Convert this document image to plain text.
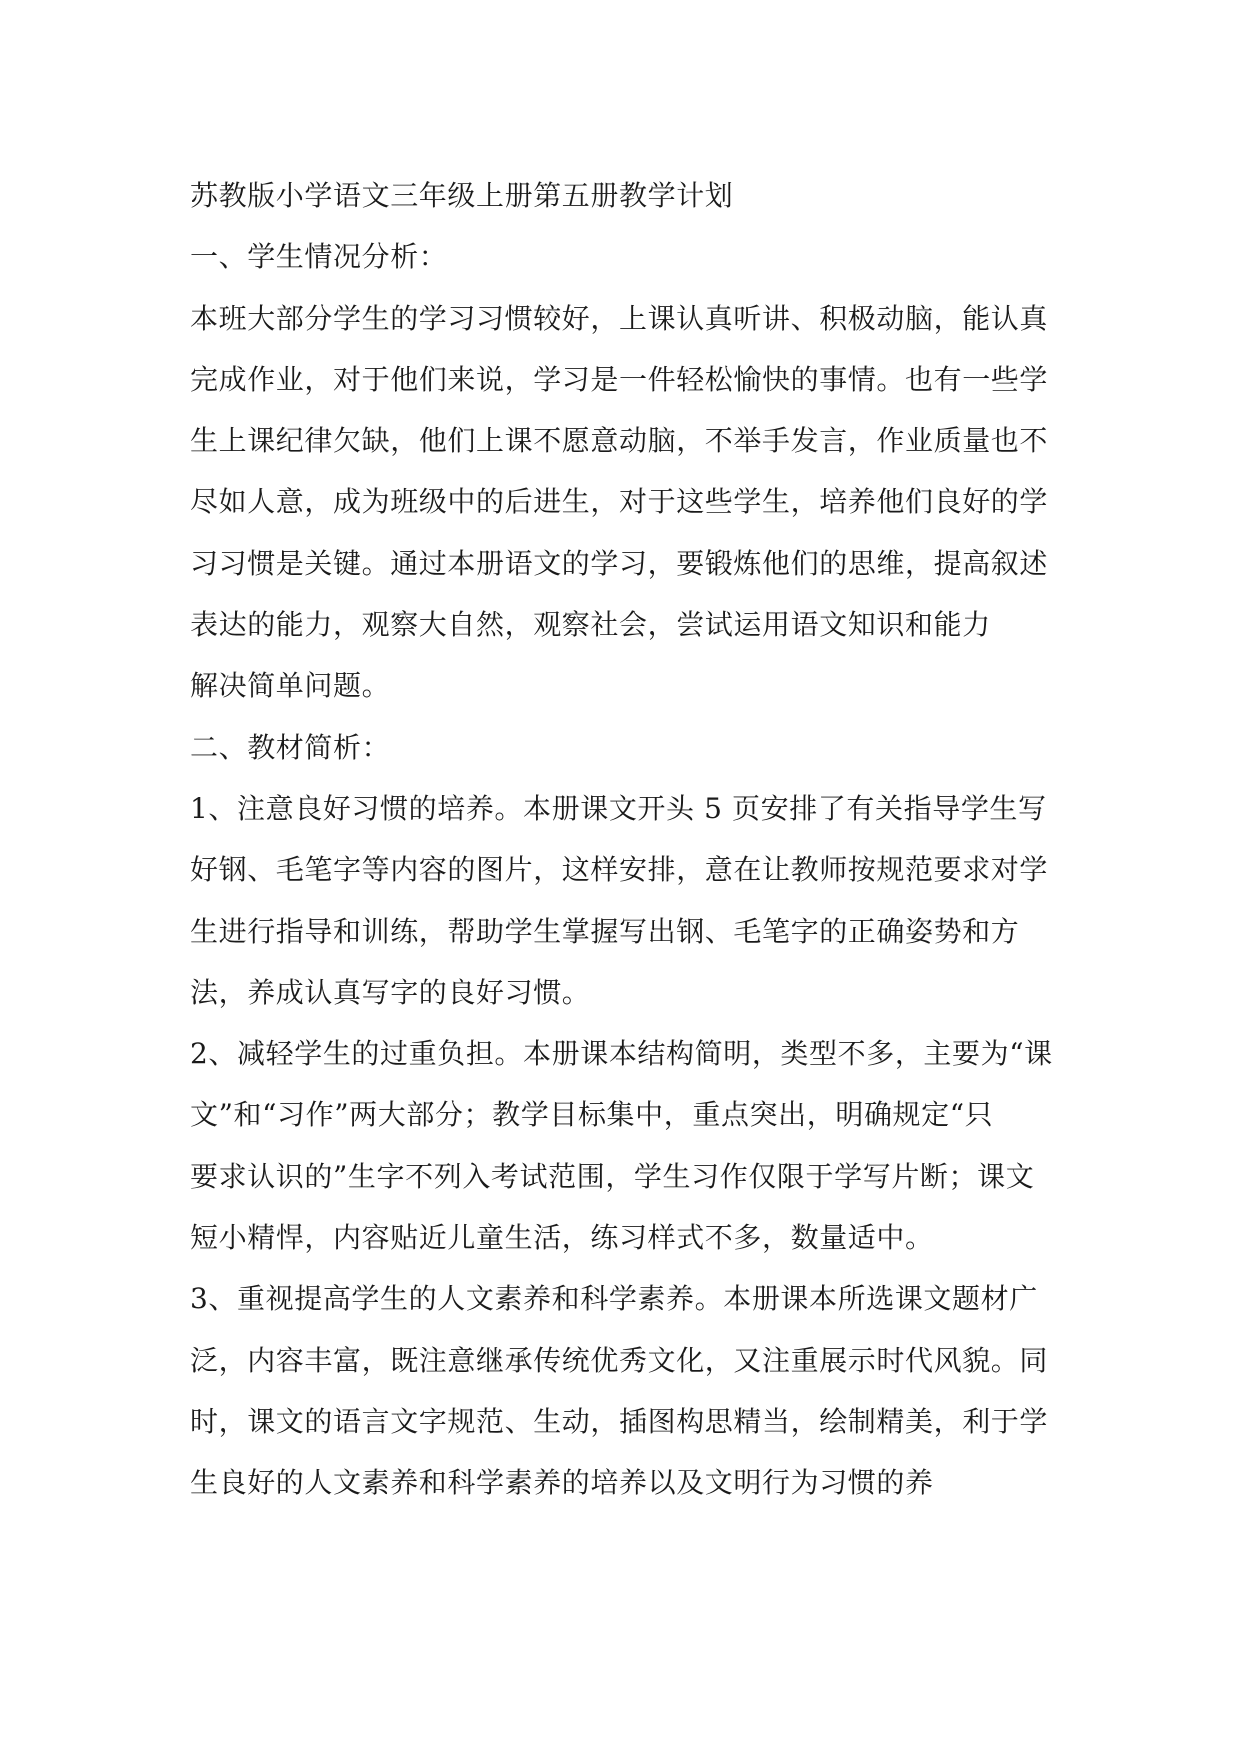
苏教版小学语文三年级上册第五册教学计划
一、学生情况分析：
本班大部分学生的学习习惯较好，上课认真听讲、积极动脑，能认真
完成作业，对于他们来说，学习是一件轻松愉快的事情。也有一些学
生上课纪律欠缺，他们上课不愿意动脑，不举手发言，作业质量也不
尽如人意，成为班级中的后进生，对于这些学生，培养他们良好的学
习习惯是关键。通过本册语文的学习，要锻炼他们的思维，提高叙述
表达的能力，观察大自然，观察社会，尝试运用语文知识和能力
解决简单问题。
二、教材简析：
1、注意良好习惯的培养。本册课文开头 5 页安排了有关指导学生写
好钢、毛笔字等内容的图片，这样安排，意在让教师按规范要求对学
生进行指导和训练，帮助学生掌握写出钢、毛笔字的正确姿势和方
法，养成认真写字的良好习惯。
2、减轻学生的过重负担。本册课本结构简明，类型不多，主要为“课
文”和“习作”两大部分；教学目标集中，重点突出，明确规定“只
要求认识的”生字不列入考试范围，学生习作仅限于学写片断；课文
短小精悍，内容贴近儿童生活，练习样式不多，数量适中。
3、重视提高学生的人文素养和科学素养。本册课本所选课文题材广
泛，内容丰富，既注意继承传统优秀文化，又注重展示时代风貌。同
时，课文的语言文字规范、生动，插图构思精当，绘制精美，利于学
生良好的人文素养和科学素养的培养以及文明行为习惯的养
